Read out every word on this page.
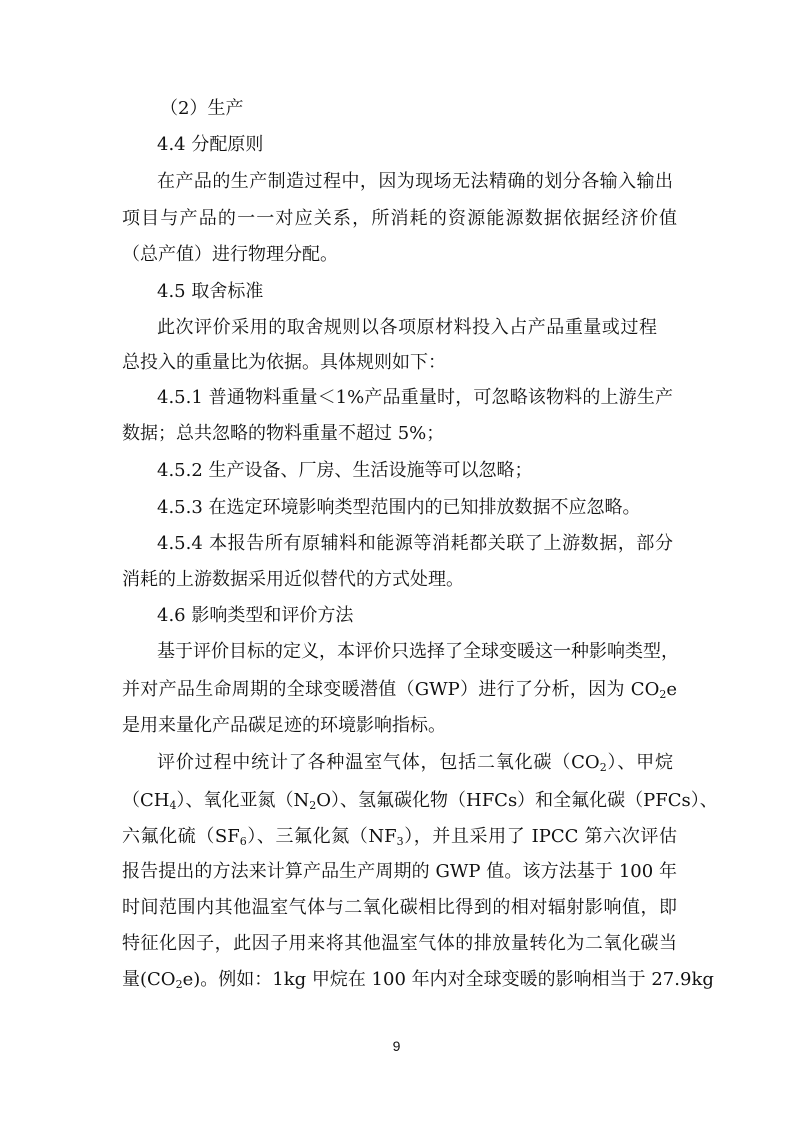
（2）生产
4.4 分配原则
在产品的生产制造过程中，因为现场无法精确的划分各输入输出
项目与产品的一一对应关系，所消耗的资源能源数据依据经济价值
（总产值）进行物理分配。
4.5 取舍标准
此次评价采用的取舍规则以各项原材料投入占产品重量或过程
总投入的重量比为依据。具体规则如下：
4.5.1 普通物料重量＜1%产品重量时，可忽略该物料的上游生产
数据；总共忽略的物料重量不超过 5%；
4.5.2 生产设备、厂房、生活设施等可以忽略；
4.5.3 在选定环境影响类型范围内的已知排放数据不应忽略。
4.5.4 本报告所有原辅料和能源等消耗都关联了上游数据，部分
消耗的上游数据采用近似替代的方式处理。
4.6 影响类型和评价方法
基于评价目标的定义，本评价只选择了全球变暖这一种影响类型，
并对产品生命周期的全球变暖潜值（GWP）进行了分析，因为 $CO_2e$
是用来量化产品碳足迹的环境影响指标。
评价过程中统计了各种温室气体，包括二氧化碳$(CO_2)$、甲烷
$(CH_4)$、氧化亚氮$(N_2O)$、氢氟碳化物（HFCs）和全氟化碳（PFCs）、
六氟化硫$(SF_6)$、三氟化氮$(NF_3)$，并且采用了 IPCC 第六次评估
报告提出的方法来计算产品生产周期的 GWP 值。该方法基于 100 年
时间范围内其他温室气体与二氧化碳相比得到的相对辐射影响值，即
特征化因子，此因子用来将其他温室气体的排放量转化为二氧化碳当
量$(CO_2e)$。例如：1kg 甲烷在 100 年内对全球变暖的影响相当于 27.9kg
9
